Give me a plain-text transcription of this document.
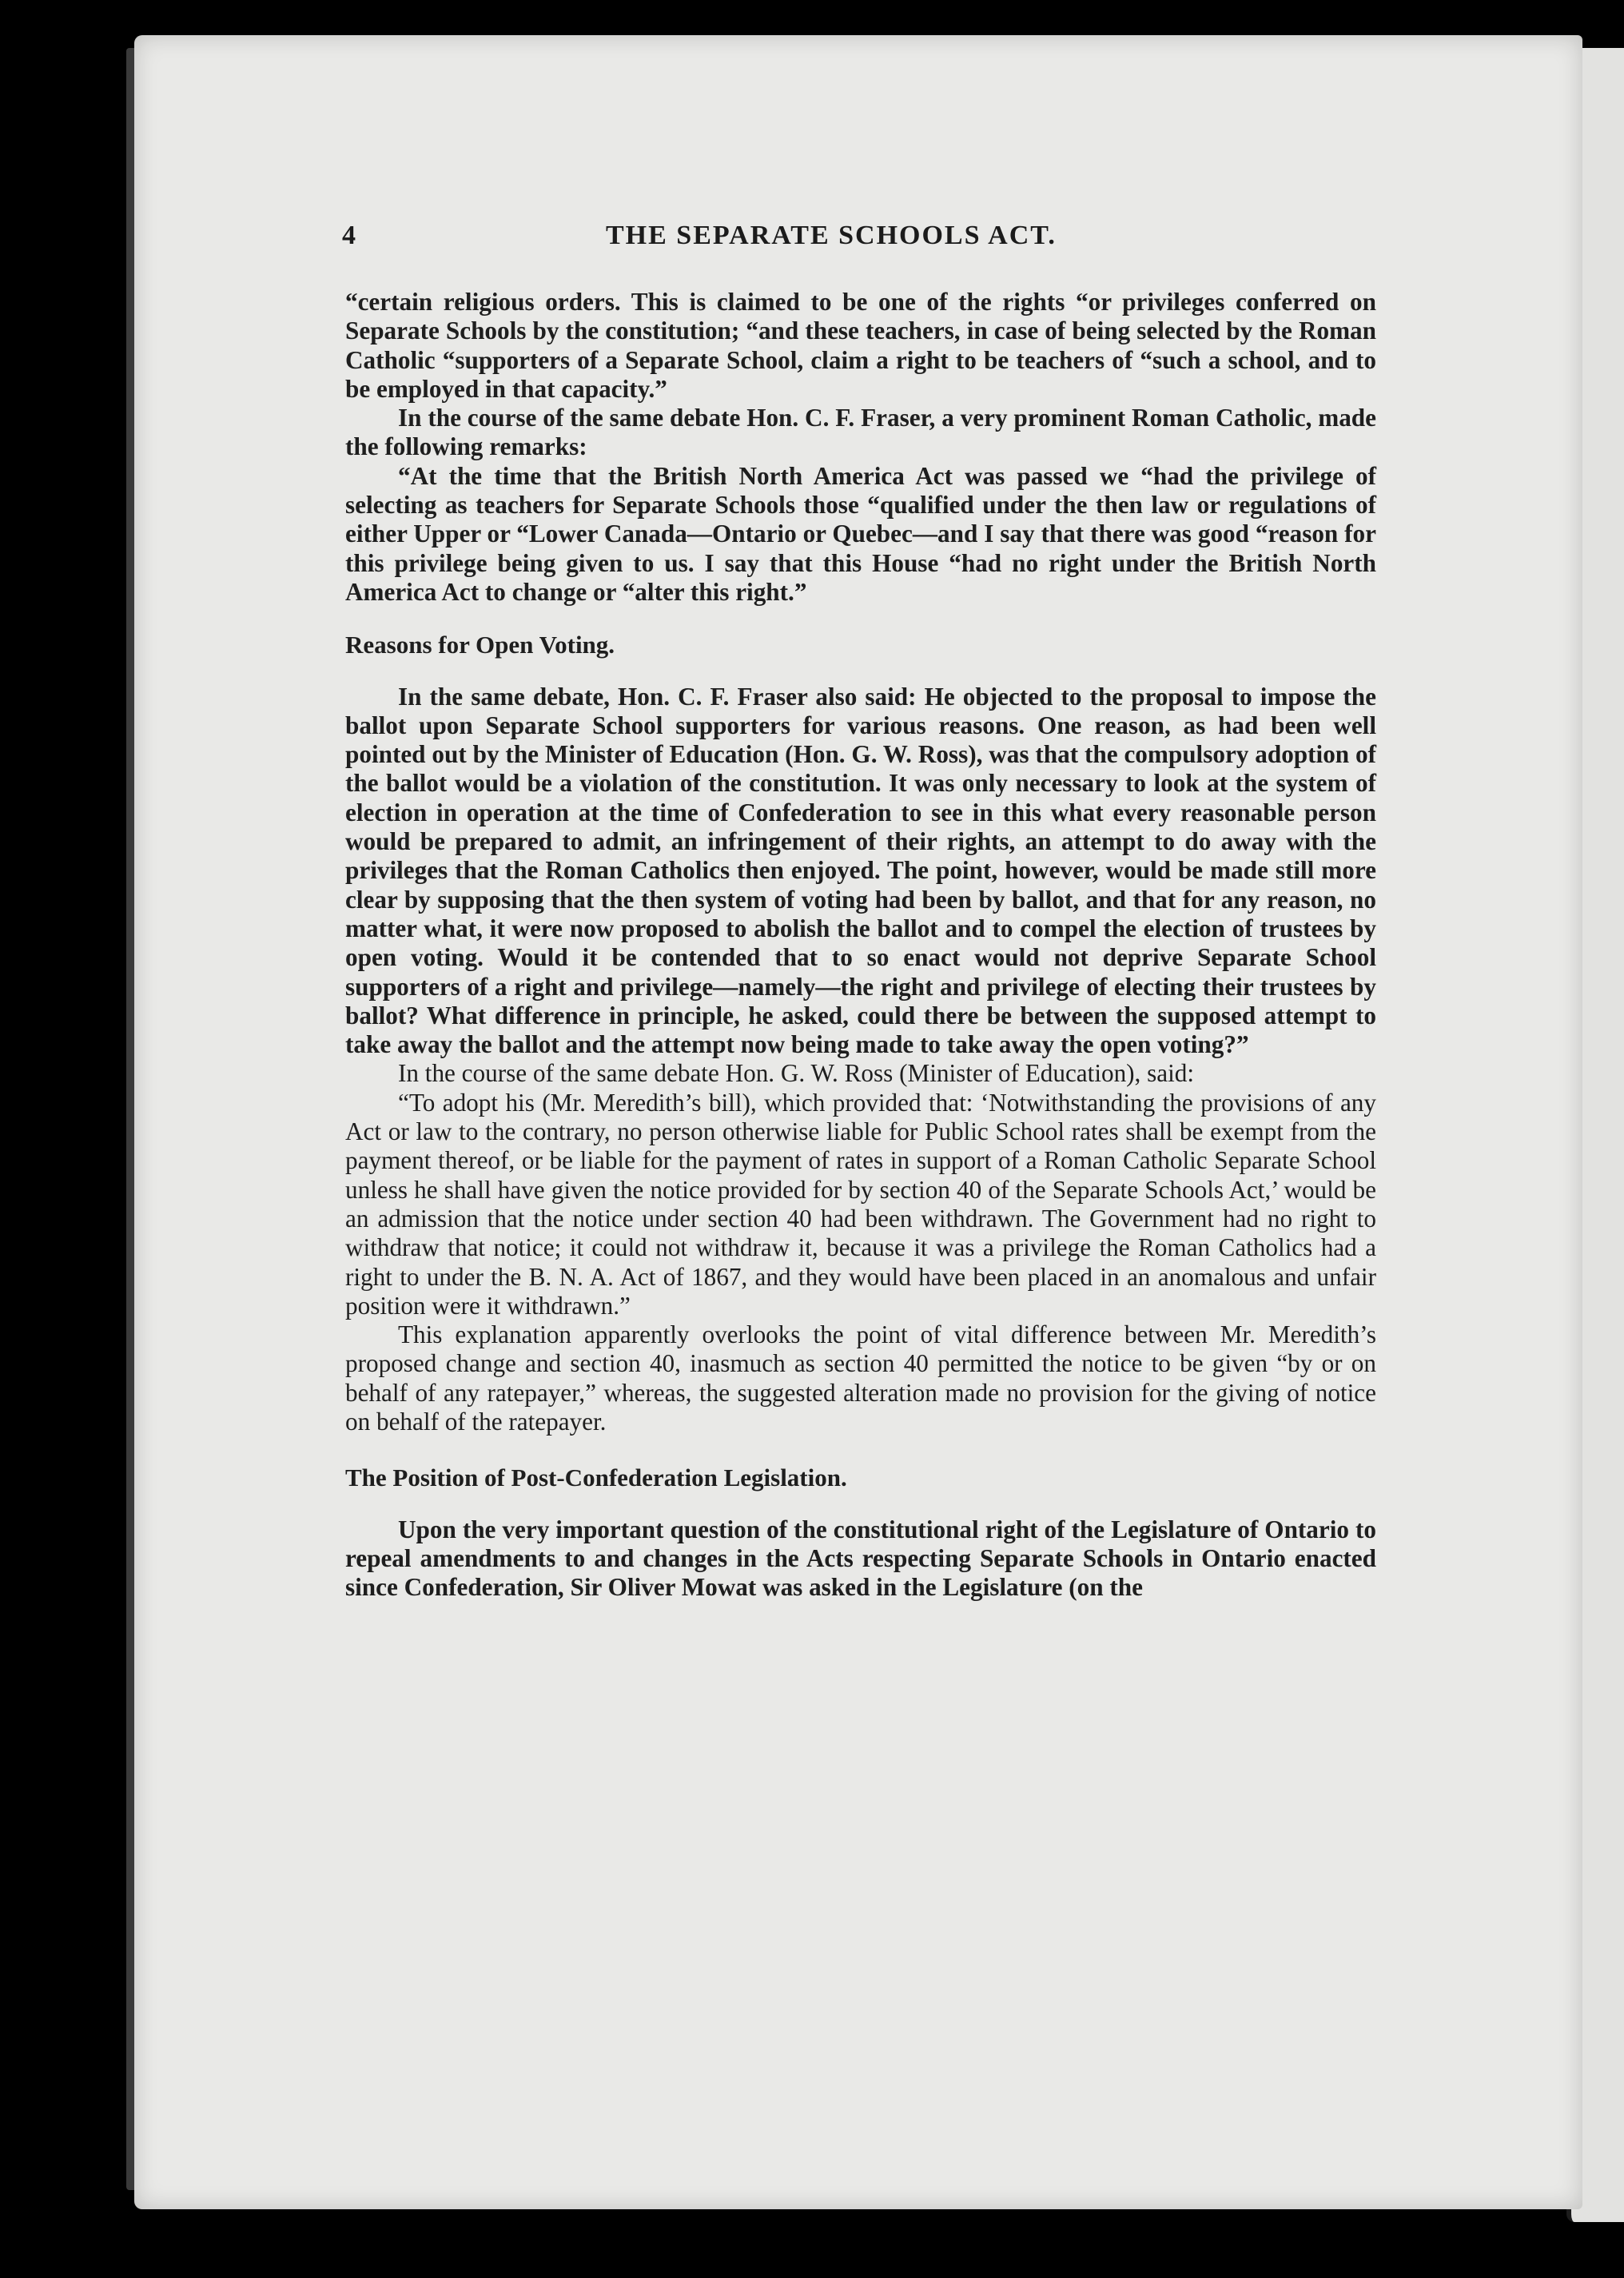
4	THE SEPARATE SCHOOLS ACT.

“certain religious orders. This is claimed to be one of the rights “or privileges conferred on Separate Schools by the constitution; “and these teachers, in case of being selected by the Roman Catholic “supporters of a Separate School, claim a right to be teachers of “such a school, and to be employed in that capacity.”

In the course of the same debate Hon. C. F. Fraser, a very prominent Roman Catholic, made the following remarks:

“At the time that the British North America Act was passed we “had the privilege of selecting as teachers for Separate Schools those “qualified under the then law or regulations of either Upper or “Lower Canada—Ontario or Quebec—and I say that there was good “reason for this privilege being given to us. I say that this House “had no right under the British North America Act to change or “alter this right.”

Reasons for Open Voting.

In the same debate, Hon. C. F. Fraser also said: He objected to the proposal to impose the ballot upon Separate School supporters for various reasons. One reason, as had been well pointed out by the Minister of Education (Hon. G. W. Ross), was that the compulsory adoption of the ballot would be a violation of the constitution. It was only necessary to look at the system of election in operation at the time of Confederation to see in this what every reasonable person would be prepared to admit, an infringement of their rights, an attempt to do away with the privileges that the Roman Catholics then enjoyed. The point, however, would be made still more clear by supposing that the then system of voting had been by ballot, and that for any reason, no matter what, it were now proposed to abolish the ballot and to compel the election of trustees by open voting. Would it be contended that to so enact would not deprive Separate School supporters of a right and privilege—namely—the right and privilege of electing their trustees by ballot? What difference in principle, he asked, could there be between the supposed attempt to take away the ballot and the attempt now being made to take away the open voting?”

In the course of the same debate Hon. G. W. Ross (Minister of Education), said:

“To adopt his (Mr. Meredith’s bill), which provided that: ‘Notwithstanding the provisions of any Act or law to the contrary, no person otherwise liable for Public School rates shall be exempt from the payment thereof, or be liable for the payment of rates in support of a Roman Catholic Separate School unless he shall have given the notice provided for by section 40 of the Separate Schools Act,’ would be an admission that the notice under section 40 had been withdrawn. The Government had no right to withdraw that notice; it could not withdraw it, because it was a privilege the Roman Catholics had a right to under the B. N. A. Act of 1867, and they would have been placed in an anomalous and unfair position were it withdrawn.”

This explanation apparently overlooks the point of vital difference between Mr. Meredith’s proposed change and section 40, inasmuch as section 40 permitted the notice to be given “by or on behalf of any ratepayer,” whereas, the suggested alteration made no provision for the giving of notice on behalf of the ratepayer.

The Position of Post-Confederation Legislation.

Upon the very important question of the constitutional right of the Legislature of Ontario to repeal amendments to and changes in the Acts respecting Separate Schools in Ontario enacted since Confederation, Sir Oliver Mowat was asked in the Legislature (on the
